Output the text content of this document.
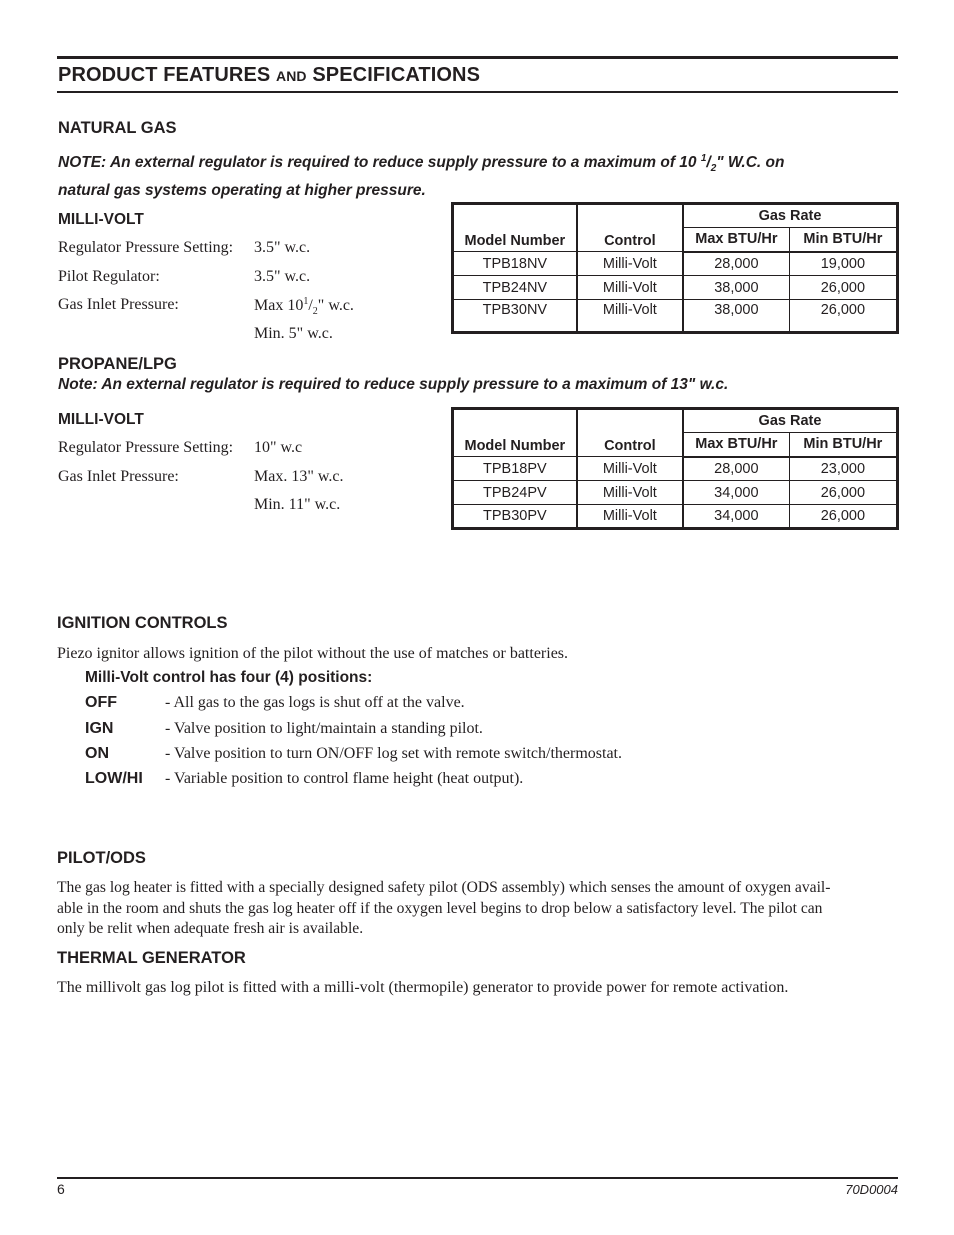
PRODUCT FEATURES AND SPECIFICATIONS
NATURAL GAS
NOTE: An external regulator is required to reduce supply pressure to a maximum of 10 $^1/_2$" W.C. on
natural gas systems operating at higher pressure.
MILLI-VOLT
Regulator Pressure Setting: 3.5" w.c.
Pilot Regulator:	3.5" w.c.
Gas Inlet Pressure:	Max $10^1/_2$" w.c.
Min. 5" w.c.
Model Number	Control	Gas Rate	
		Max BTU/Hr	Min BTU/Hr
TPB18NV	Milli-Volt	28,000	19,000
TPB24NV	Milli-Volt	38,000	26,000
TPB30NV	Milli-Volt	38,000	26,000
PROPANE/LPG
Note: An external regulator is required to reduce supply pressure to a maximum of 13" w.c.
MILLI-VOLT
Regulator Pressure Setting: 10" w.c
Gas Inlet Pressure:	Max. 13" w.c.
Min. 11" w.c.
Model Number	Control	Gas Rate	
		Max BTU/Hr	Min BTU/Hr
TPB18PV	Milli-Volt	28,000	23,000
TPB24PV	Milli-Volt	34,000	26,000
TPB30PV	Milli-Volt	34,000	26,000
IGNITION CONTROLS
Piezo ignitor allows ignition of the pilot without the use of matches or batteries.
Milli-Volt control has four (4) positions:
OFF	- All gas to the gas logs is shut off at the valve.
IGN	- Valve position to light/maintain a standing pilot.
ON	- Valve position to turn ON/OFF log set with remote switch/thermostat.
LOW/HI - Variable position to control flame height (heat output).
PILOT/ODS
The gas log heater is fitted with a specially designed safety pilot (ODS assembly) which senses the amount of oxygen avail-
able in the room and shuts the gas log heater off if the oxygen level begins to drop below a satisfactory level. The pilot can
only be relit when adequate fresh air is available.
THERMAL GENERATOR
The millivolt gas log pilot is fitted with a milli-volt (thermopile) generator to provide power for remote activation.
6	70D0004
